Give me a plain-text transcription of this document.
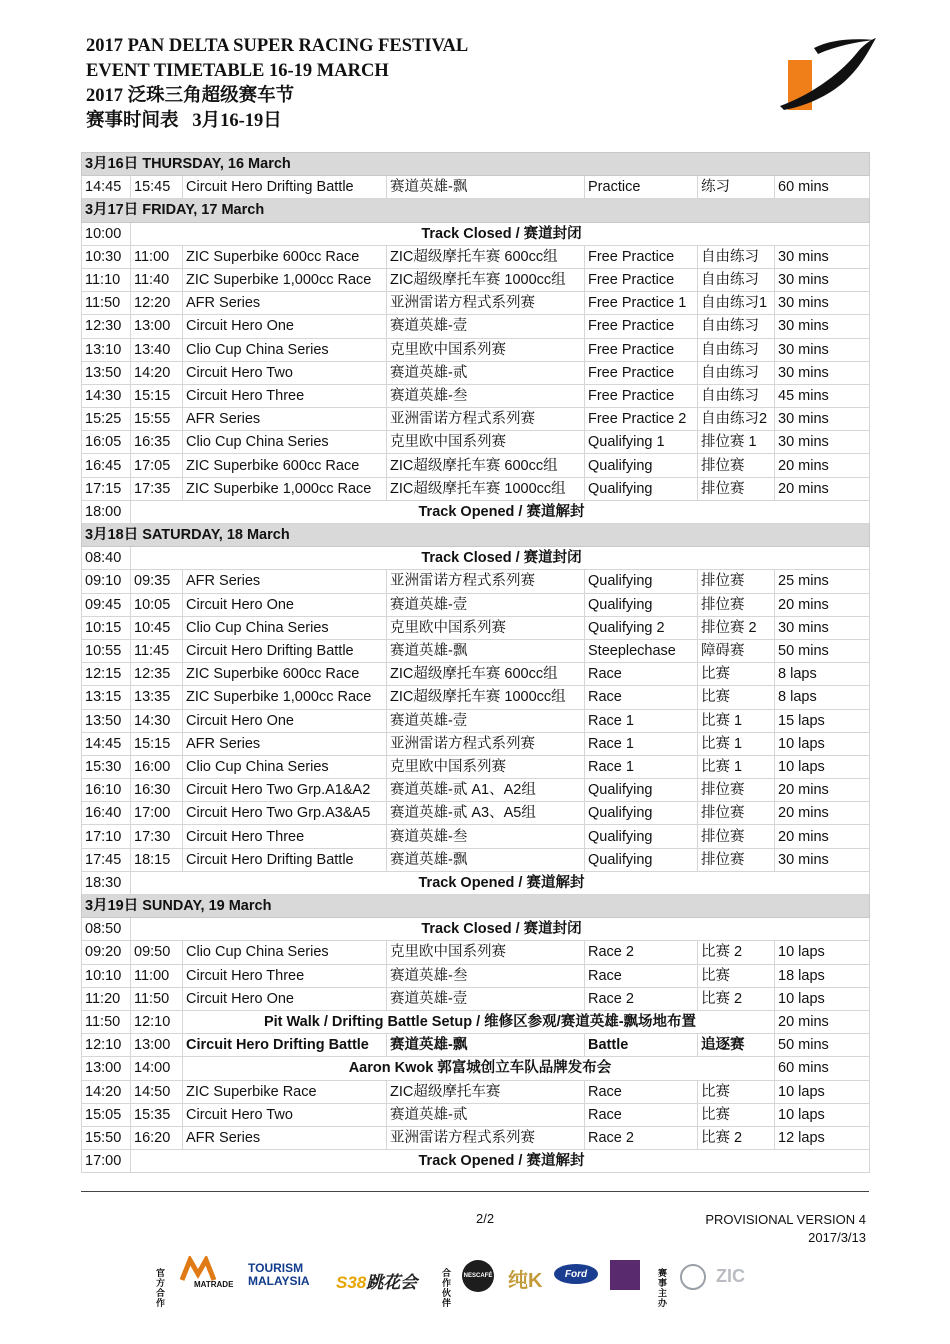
2017 PAN DELTA SUPER RACING FESTIVAL
EVENT TIMETABLE 16-19 MARCH
2017 泛珠三角超级赛车节
赛事时间表   3月16-19日
3月16日 THURSDAY, 16 March						
14:45	15:45	Circuit Hero Drifting Battle	赛道英雄-飘	Practice	练习	60 mins
3月17日 FRIDAY, 17 March						
10:00	Track Closed / 赛道封闭					
10:30	11:00	ZIC Superbike 600cc Race	ZIC超级摩托车赛 600cc组	Free Practice	自由练习	30 mins
11:10	11:40	ZIC Superbike 1,000cc Race	ZIC超级摩托车赛 1000cc组	Free Practice	自由练习	30 mins
11:50	12:20	AFR Series	亚洲雷诺方程式系列赛	Free Practice 1	自由练习1	30 mins
12:30	13:00	Circuit Hero One	赛道英雄-壹	Free Practice	自由练习	30 mins
13:10	13:40	Clio Cup China Series	克里欧中国系列赛	Free Practice	自由练习	30 mins
13:50	14:20	Circuit Hero Two	赛道英雄-贰	Free Practice	自由练习	30 mins
14:30	15:15	Circuit Hero Three	赛道英雄-叁	Free Practice	自由练习	45 mins
15:25	15:55	AFR Series	亚洲雷诺方程式系列赛	Free Practice 2	自由练习2	30 mins
16:05	16:35	Clio Cup China Series	克里欧中国系列赛	Qualifying 1	排位赛 1	30 mins
16:45	17:05	ZIC Superbike 600cc Race	ZIC超级摩托车赛 600cc组	Qualifying	排位赛	20 mins
17:15	17:35	ZIC Superbike 1,000cc Race	ZIC超级摩托车赛 1000cc组	Qualifying	排位赛	20 mins
18:00	Track Opened / 赛道解封					
3月18日 SATURDAY, 18 March						
08:40	Track Closed / 赛道封闭					
09:10	09:35	AFR Series	亚洲雷诺方程式系列赛	Qualifying	排位赛	25 mins
09:45	10:05	Circuit Hero One	赛道英雄-壹	Qualifying	排位赛	20 mins
10:15	10:45	Clio Cup China Series	克里欧中国系列赛	Qualifying 2	排位赛 2	30 mins
10:55	11:45	Circuit Hero Drifting Battle	赛道英雄-飘	Steeplechase	障碍赛	50 mins
12:15	12:35	ZIC Superbike 600cc Race	ZIC超级摩托车赛 600cc组	Race	比赛	8 laps
13:15	13:35	ZIC Superbike 1,000cc Race	ZIC超级摩托车赛 1000cc组	Race	比赛	8 laps
13:50	14:30	Circuit Hero One	赛道英雄-壹	Race 1	比赛 1	15 laps
14:45	15:15	AFR Series	亚洲雷诺方程式系列赛	Race 1	比赛 1	10 laps
15:30	16:00	Clio Cup China Series	克里欧中国系列赛	Race 1	比赛 1	10 laps
16:10	16:30	Circuit Hero Two Grp.A1&A2	赛道英雄-贰 A1、A2组	Qualifying	排位赛	20 mins
16:40	17:00	Circuit Hero Two Grp.A3&A5	赛道英雄-贰 A3、A5组	Qualifying	排位赛	20 mins
17:10	17:30	Circuit Hero Three	赛道英雄-叁	Qualifying	排位赛	20 mins
17:45	18:15	Circuit Hero Drifting Battle	赛道英雄-飘	Qualifying	排位赛	30 mins
18:30	Track Opened / 赛道解封					
3月19日 SUNDAY, 19 March						
08:50	Track Closed / 赛道封闭					
09:20	09:50	Clio Cup China Series	克里欧中国系列赛	Race 2	比赛 2	10 laps
10:10	11:00	Circuit Hero Three	赛道英雄-叁	Race	比赛	18 laps
11:20	11:50	Circuit Hero One	赛道英雄-壹	Race 2	比赛 2	10 laps
11:50	12:10	Pit Walk / Drifting Battle Setup / 维修区参观/赛道英雄-飘场地布置				20 mins
12:10	13:00	Circuit Hero Drifting Battle	赛道英雄-飘	Battle	追逐赛	50 mins
13:00	14:00	Aaron Kwok 郭富城创立车队品牌发布会				60 mins
14:20	14:50	ZIC Superbike Race	ZIC超级摩托车赛	Race	比赛	10 laps
15:05	15:35	Circuit Hero Two	赛道英雄-贰	Race	比赛	10 laps
15:50	16:20	AFR Series	亚洲雷诺方程式系列赛	Race 2	比赛 2	12 laps
17:00	Track Opened / 赛道解封					
2/2	PROVISIONAL VERSION 4
2017/3/13
官方合作
MATRADE
TOURISM MALAYSIA	S38跳花会	合作伙伴
NESCAFÉ 纯K Ford	赛事主办
ZIC
